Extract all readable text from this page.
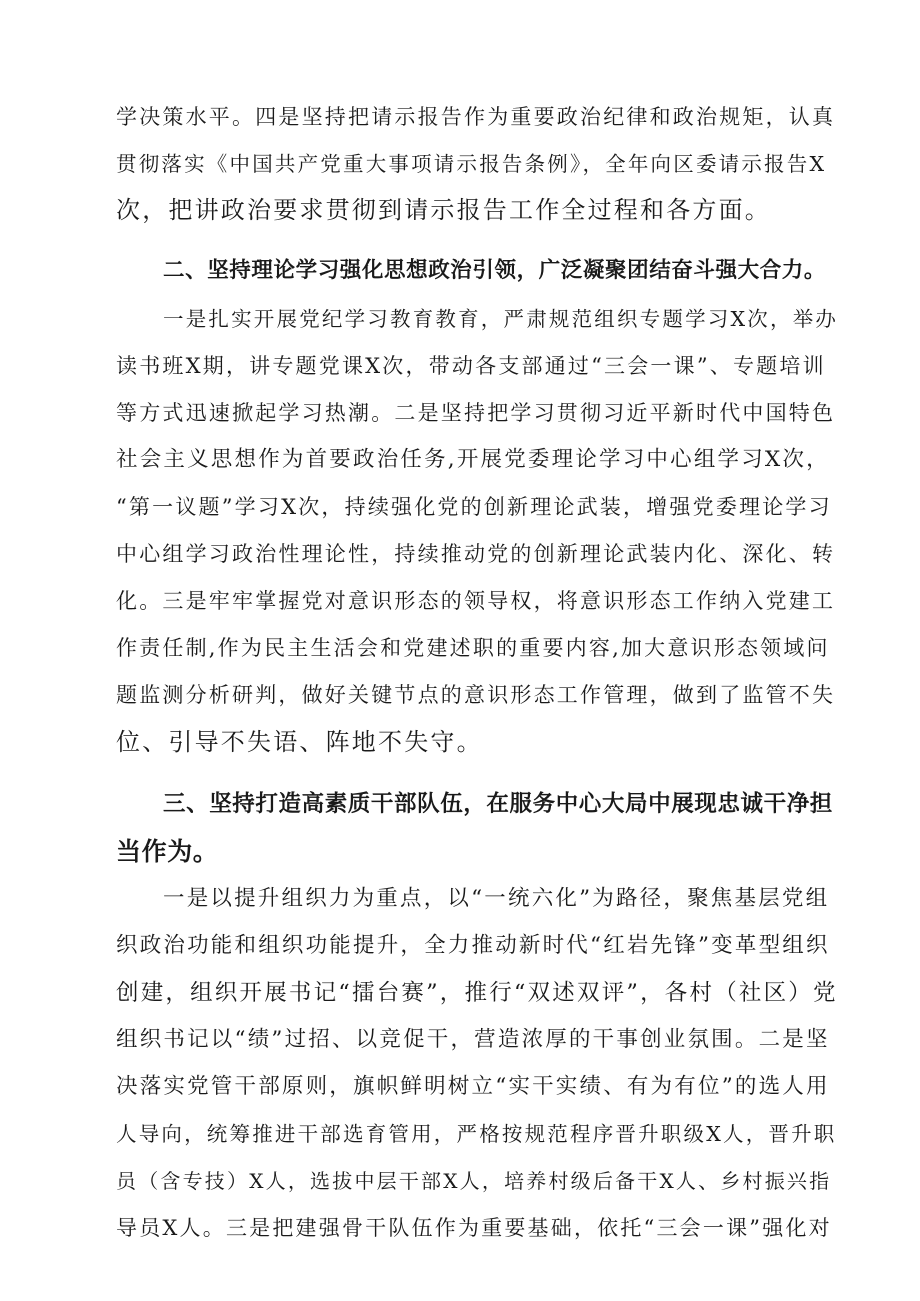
学决策水平。四是坚持把请示报告作为重要政治纪律和政治规矩，认真
贯彻落实《中国共产党重大事项请示报告条例》，全年向区委请示报告X
次，把讲政治要求贯彻到请示报告工作全过程和各方面。
二、坚持理论学习强化思想政治引领，广泛凝聚团结奋斗强大合力。
一是扎实开展党纪学习教育教育，严肃规范组织专题学习X次，举办
读书班X期，讲专题党课X次，带动各支部通过“三会一课”、专题培训
等方式迅速掀起学习热潮。二是坚持把学习贯彻习近平新时代中国特色
社会主义思想作为首要政治任务,开展党委理论学习中心组学习X次，
“第一议题”学习X次，持续强化党的创新理论武装，增强党委理论学习
中心组学习政治性理论性，持续推动党的创新理论武装内化、深化、转
化。三是牢牢掌握党对意识形态的领导权，将意识形态工作纳入党建工
作责任制,作为民主生活会和党建述职的重要内容,加大意识形态领域问
题监测分析研判，做好关键节点的意识形态工作管理，做到了监管不失
位、引导不失语、阵地不失守。
三、坚持打造高素质干部队伍，在服务中心大局中展现忠诚干净担
当作为。
一是以提升组织力为重点，以“一统六化”为路径，聚焦基层党组
织政治功能和组织功能提升，全力推动新时代“红岩先锋”变革型组织
创建，组织开展书记“擂台赛”，推行“双述双评”，各村（社区）党
组织书记以“绩”过招、以竞促干，营造浓厚的干事创业氛围。二是坚
决落实党管干部原则，旗帜鲜明树立“实干实绩、有为有位”的选人用
人导向，统筹推进干部选育管用，严格按规范程序晋升职级X人，晋升职
员（含专技）X人，选拔中层干部X人，培养村级后备干X人、乡村振兴指
导员X人。三是把建强骨干队伍作为重要基础，依托“三会一课”强化对
